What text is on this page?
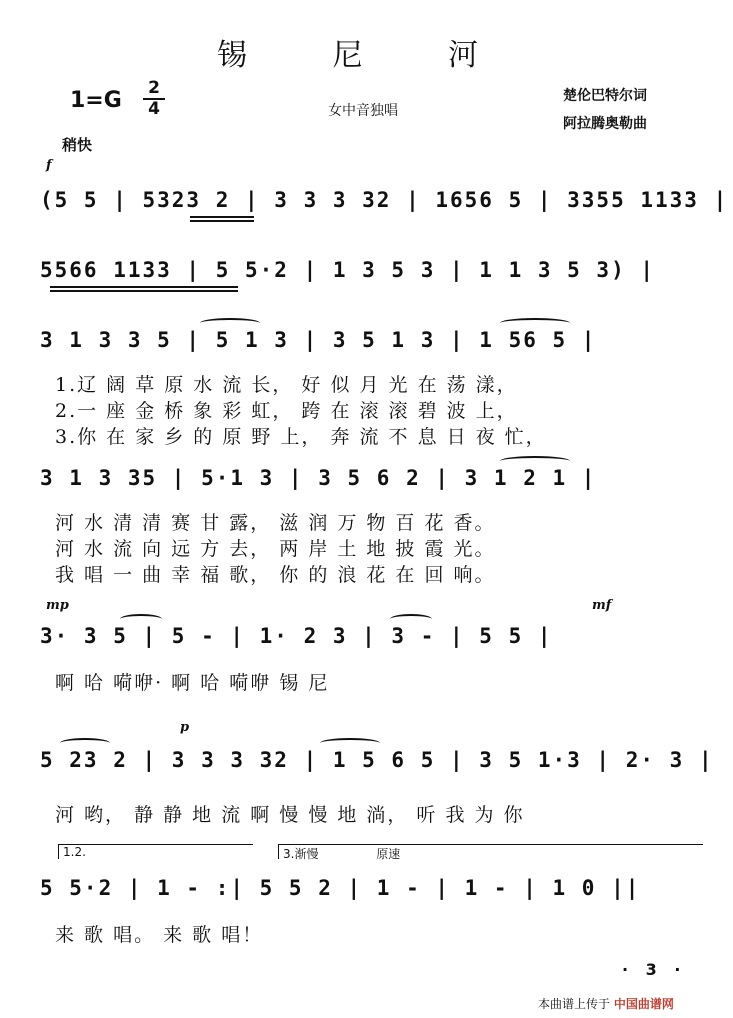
锡 尼 河
1=G 2
4	女中音独唱
楚伦巴特尔词
阿拉腾奥勒曲
稍快
f
(5 5 | 5323 2 | 3 3 3 32 | 1656 5 | 3355 1133 |
5566 1133 | 5 5·2 | 1 3 5 3 | 1 1 3 5 3) |
3 1 3 3 5 | 5 1 3 | 3 5 1 3 | 1 56 5 |
1.辽 阔 草 原 水 流 长， 好 似 月 光 在 荡 漾，
2.一 座 金 桥 象 彩 虹， 跨 在 滚 滚 碧 波 上，
3.你 在 家 乡 的 原 野 上， 奔 流 不 息 日 夜 忙，
3 1 3 35 | 5·1 3 | 3 5 6 2 | 3 1 2 1 |
河 水 清 清 赛 甘 露， 滋 润 万 物 百 花 香。
河 水 流 向 远 方 去， 两 岸 土 地 披 霞 光。
我 唱 一 曲 幸 福 歌， 你 的 浪 花 在 回 响。
mp	mf
3· 3 5 | 5 - | 1· 2 3 | 3 - | 5 5 |
啊 哈 嗬咿· 啊 哈 嗬咿 锡 尼
p
5 23 2 | 3 3 3 32 | 1 5 6 5 | 3 5 1·3 | 2· 3 |
河 哟， 静 静 地 流 啊 慢 慢 地 淌， 听 我 为 你
1.2.	3.渐慢	原速
5 5·2 | 1 - :| 5 5 2 | 1 - | 1 - | 1 0 ||
来 歌 唱。 来 歌 唱！
· 3 ·
本曲谱上传于 中国曲谱网
